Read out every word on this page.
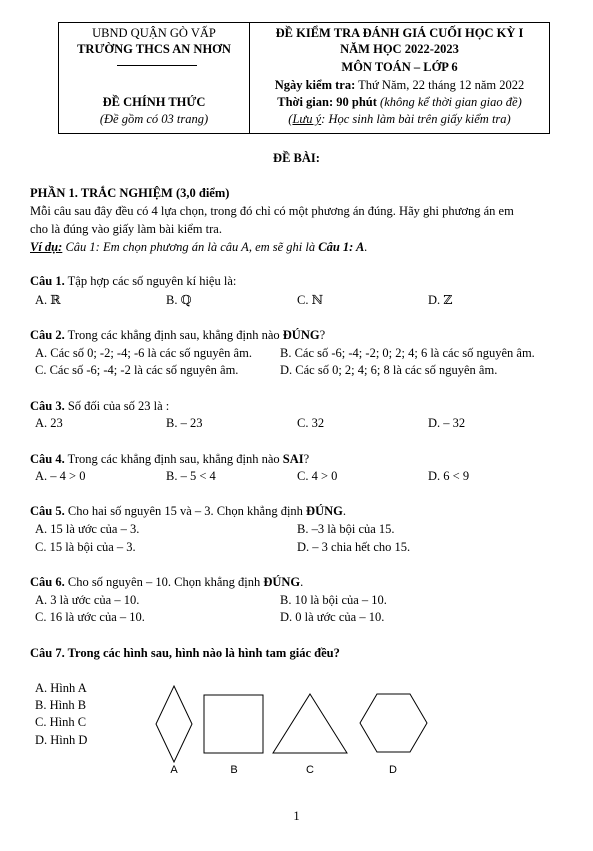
UBND QUẬN GÒ VẤP
TRƯỜNG THCS AN NHƠN
ĐỀ CHÍNH THỨC
(Đề gồm có 03 trang)
ĐỀ KIỂM TRA ĐÁNH GIÁ CUỐI HỌC KỲ I
NĂM HỌC 2022-2023
MÔN TOÁN – LỚP 6
Ngày kiểm tra: Thứ Năm, 22 tháng 12 năm 2022
Thời gian: 90 phút (không kể thời gian giao đề)
(Lưu ý: Học sinh làm bài trên giấy kiểm tra)
ĐỀ BÀI:
PHẦN 1. TRẮC NGHIỆM (3,0 điểm)
Mỗi câu sau đây đều có 4 lựa chọn, trong đó chỉ có một phương án đúng. Hãy ghi phương án em
cho là đúng vào giấy làm bài kiểm tra.
Ví dụ: Câu 1: Em chọn phương án là câu A, em sẽ ghi là Câu 1: A.
Câu 1. Tập hợp các số nguyên kí hiệu là:
A. ℝ	B. ℚ	C. ℕ	D. ℤ
Câu 2. Trong các khẳng định sau, khẳng định nào ĐÚNG?
A. Các số 0; -2; -4; -6 là các số nguyên âm. B. Các số -6; -4; -2; 0; 2; 4; 6 là các số nguyên âm.
C. Các số -6; -4; -2 là các số nguyên âm.	D. Các số 0; 2; 4; 6; 8 là các số nguyên âm.
Câu 3. Số đối của số 23 là :
A. 23	B. – 23	C. 32	D. – 32
Câu 4. Trong các khẳng định sau, khẳng định nào SAI?
A. – 4 > 0	B. – 5 < 4	C. 4 > 0	D. 6 < 9
Câu 5. Cho hai số nguyên 15 và – 3. Chọn khẳng định ĐÚNG.
A. 15 là ước của – 3.	B. –3 là bội của 15.
C. 15 là bội của – 3.	D. – 3 chia hết cho 15.
Câu 6. Cho số nguyên – 10. Chọn khẳng định ĐÚNG.
A. 3 là ước của – 10.	B. 10 là bội của – 10.
C. 16 là ước của – 10.	D. 0 là ước của – 10.
Câu 7. Trong các hình sau, hình nào là hình tam giác đều?
A. Hình A
B. Hình B
C. Hình C
D. Hình D
A	B	C	D
1
